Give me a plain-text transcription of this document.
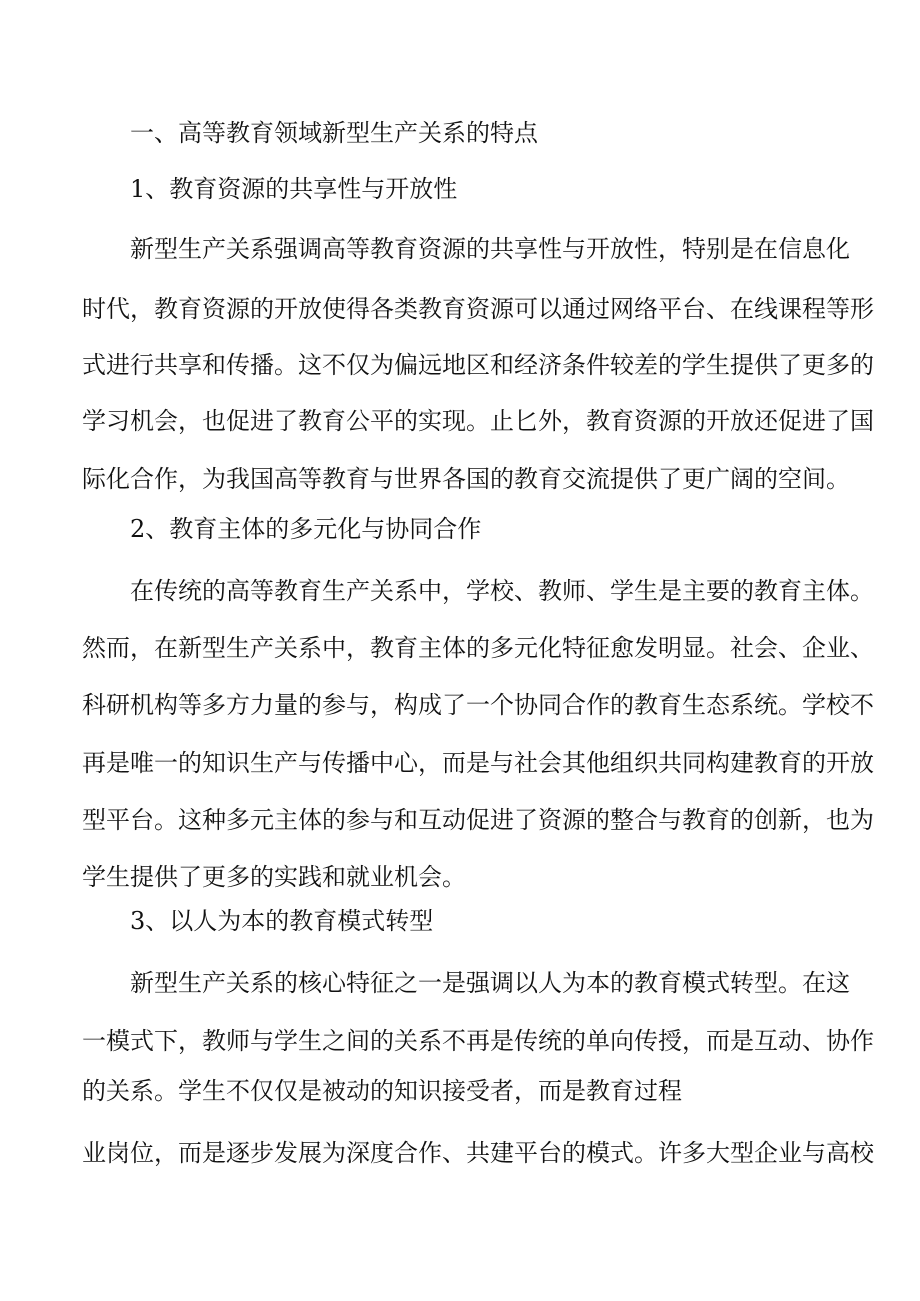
一、高等教育领域新型生产关系的特点
1、教育资源的共享性与开放性
新型生产关系强调高等教育资源的共享性与开放性，特别是在信息化
时代，教育资源的开放使得各类教育资源可以通过网络平台、在线课程等形
式进行共享和传播。这不仅为偏远地区和经济条件较差的学生提供了更多的
学习机会，也促进了教育公平的实现。止匕外，教育资源的开放还促进了国
际化合作，为我国高等教育与世界各国的教育交流提供了更广阔的空间。
2、教育主体的多元化与协同合作
在传统的高等教育生产关系中，学校、教师、学生是主要的教育主体。
然而，在新型生产关系中，教育主体的多元化特征愈发明显。社会、企业、
科研机构等多方力量的参与，构成了一个协同合作的教育生态系统。学校不
再是唯一的知识生产与传播中心，而是与社会其他组织共同构建教育的开放
型平台。这种多元主体的参与和互动促进了资源的整合与教育的创新，也为
学生提供了更多的实践和就业机会。
3、以人为本的教育模式转型
新型生产关系的核心特征之一是强调以人为本的教育模式转型。在这
一模式下，教师与学生之间的关系不再是传统的单向传授，而是互动、协作
的关系。学生不仅仅是被动的知识接受者，而是教育过程
业岗位，而是逐步发展为深度合作、共建平台的模式。许多大型企业与高校
